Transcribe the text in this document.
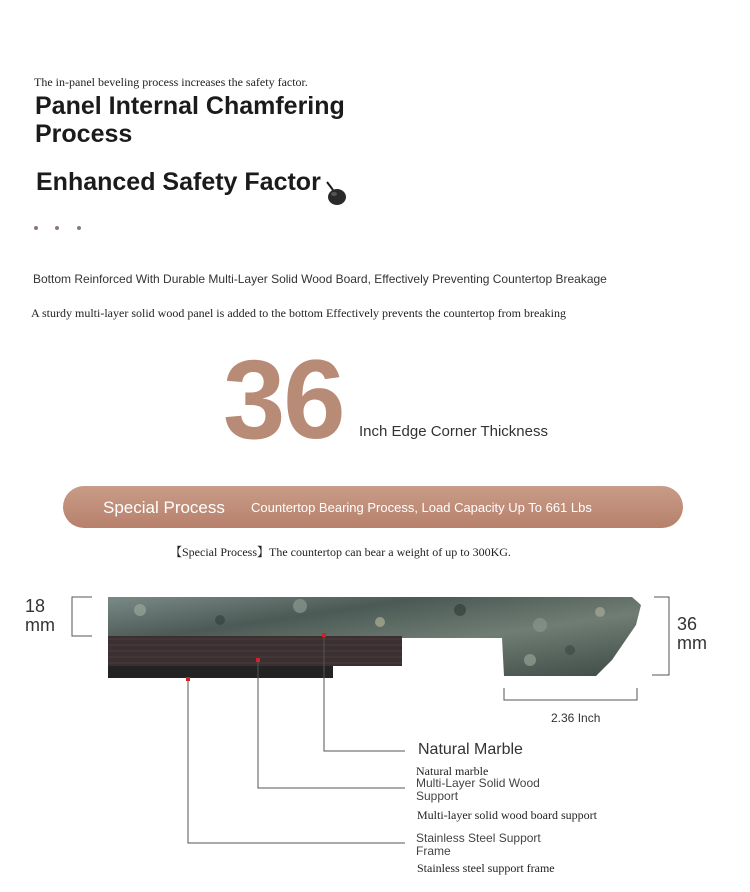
The in-panel beveling process increases the safety factor.
Panel Internal Chamfering Process
Enhanced Safety Factor
Bottom Reinforced With Durable Multi-Layer Solid Wood Board, Effectively Preventing Countertop Breakage
A sturdy multi-layer solid wood panel is added to the bottom Effectively prevents the countertop from breaking
36 Inch Edge Corner Thickness
Special Process Countertop Bearing Process, Load Capacity Up To 661 Lbs
【Special Process】The countertop can bear a weight of up to 300KG.
18
mm	36
mm
2.36 Inch
Natural Marble
Natural marble
Multi-Layer Solid Wood Support
Multi-layer solid wood board support
Stainless Steel Support Frame
Stainless steel support frame
